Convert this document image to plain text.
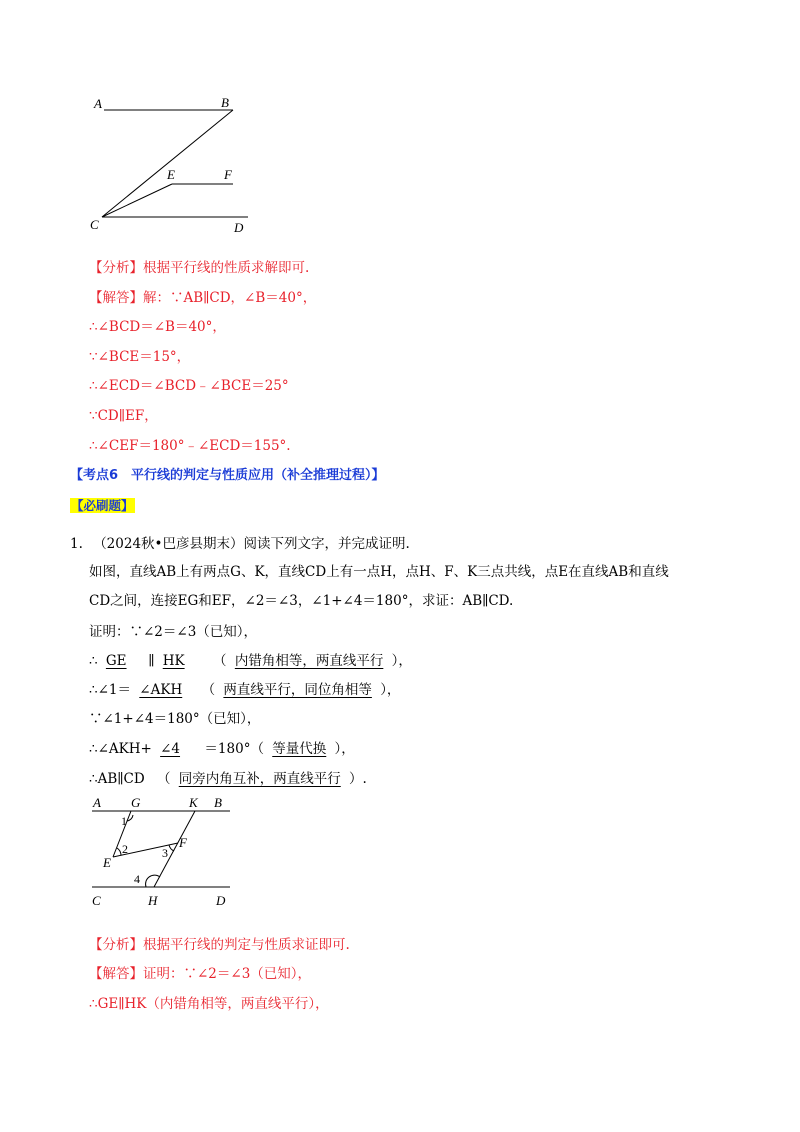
A	B
C	D
E	F
【分析】根据平行线的性质求解即可.
【解答】解：∵AB∥CD，∠B＝40°，
∴∠BCD＝∠B＝40°，
∵∠BCE＝15°，
∴∠ECD＝∠BCD﹣∠BCE＝25°
∵CD∥EF，
∴∠CEF＝180°﹣∠ECD＝155°.
【考点6　平行线的判定与性质应用（补全推理过程）】
【必刷题】
1. （2024秋•巴彦县期末）阅读下列文字，并完成证明.
如图，直线AB上有两点G、K，直线CD上有一点H，点H、F、K三点共线，点E在直线AB和直线
CD之间，连接EG和EF，∠2＝∠3，∠1+∠4＝180°，求证：AB∥CD.
证明：∵∠2＝∠3（已知），
∴ GE ∥ HK （ 内错角相等，两直线平行 ），
∴∠1＝ ∠AKH （ 两直线平行，同位角相等 ），
∵∠1+∠4＝180°（已知），
∴∠AKH+ ∠4 ＝180°（ 等量代换 ），
∴AB∥CD （ 同旁内角互补，两直线平行 ）.
A G	K B
C	H	D
E
F
1
2	3
4
【分析】根据平行线的判定与性质求证即可.
【解答】证明：∵∠2＝∠3（已知），
∴GE∥HK（内错角相等，两直线平行），
